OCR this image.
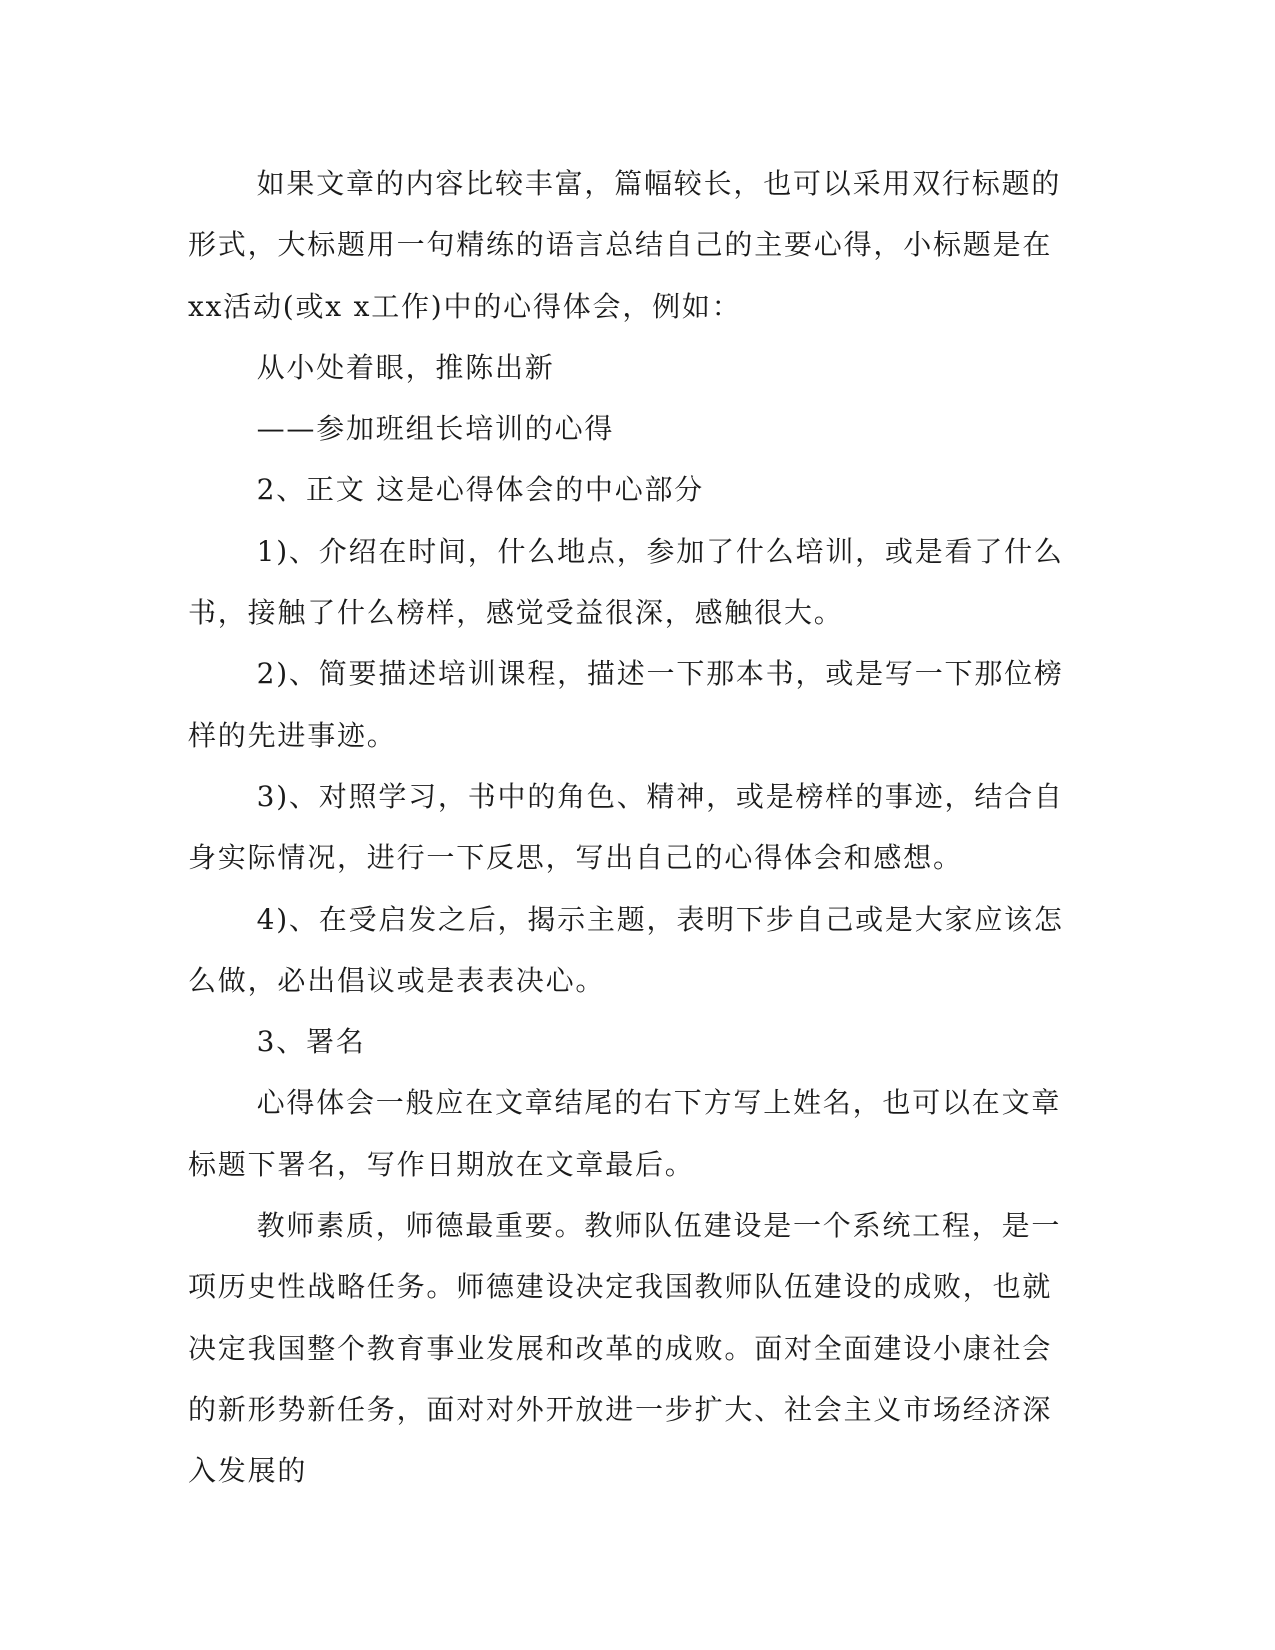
如果文章的内容比较丰富，篇幅较长，也可以采用双行标题的形式，大标题用一句精练的语言总结自己的主要心得，小标题是在xx活动(或x x工作)中的心得体会，例如：

从小处着眼，推陈出新

——参加班组长培训的心得

2、正文 这是心得体会的中心部分

1)、介绍在时间，什么地点，参加了什么培训，或是看了什么书，接触了什么榜样，感觉受益很深，感触很大。

2)、简要描述培训课程，描述一下那本书，或是写一下那位榜样的先进事迹。

3)、对照学习，书中的角色、精神，或是榜样的事迹，结合自身实际情况，进行一下反思，写出自己的心得体会和感想。

4)、在受启发之后，揭示主题，表明下步自己或是大家应该怎么做，必出倡议或是表表决心。

3、署名

心得体会一般应在文章结尾的右下方写上姓名，也可以在文章标题下署名，写作日期放在文章最后。

教师素质，师德最重要。教师队伍建设是一个系统工程，是一项历史性战略任务。师德建设决定我国教师队伍建设的成败，也就决定我国整个教育事业发展和改革的成败。面对全面建设小康社会的新形势新任务，面对对外开放进一步扩大、社会主义市场经济深入发展的
